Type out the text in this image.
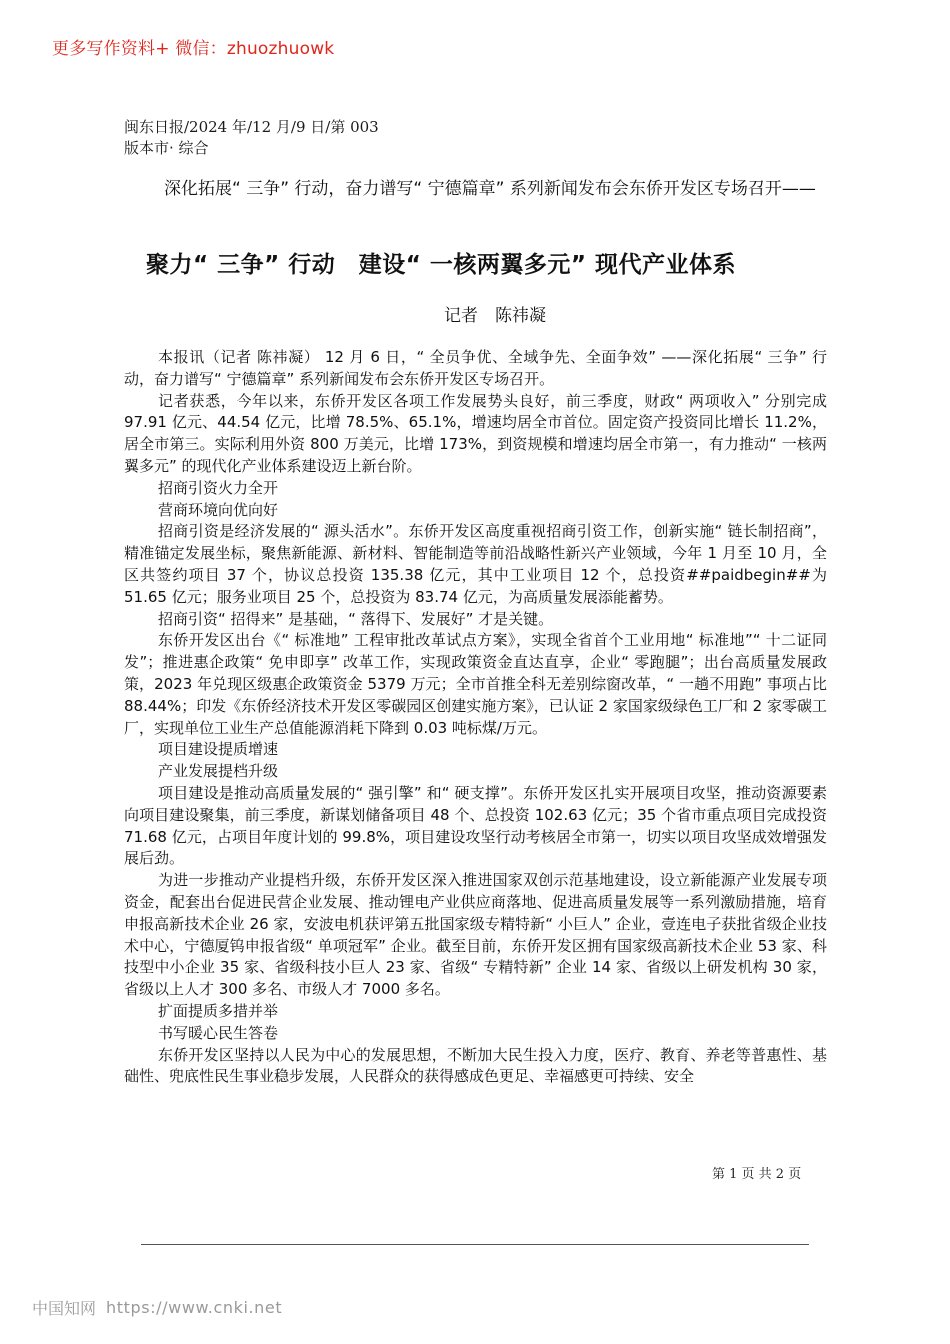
更多写作资料+ 微信：zhuozhuowk
闽东日报/2024 年/12 月/9 日/第 003
版本市· 综合
深化拓展“ 三争” 行动，奋力谱写“ 宁德篇章” 系列新闻发布会东侨开发区专场召开——
聚力“ 三争” 行动　建设“ 一核两翼多元” 现代产业体系
记者　陈祎凝

本报讯（记者 陈祎凝） 12 月 6 日，“ 全员争优、全域争先、全面争效” ——深化拓展“ 三争” 行动，奋力谱写“ 宁德篇章” 系列新闻发布会东侨开发区专场召开。

记者获悉，今年以来，东侨开发区各项工作发展势头良好，前三季度，财政“ 两项收入” 分别完成 97.91 亿元、44.54 亿元，比增 78.5%、65.1%，增速均居全市首位。固定资产投资同比增长 11.2%，居全市第三。实际利用外资 800 万美元，比增 173%，到资规模和增速均居全市第一，有力推动“ 一核两翼多元” 的现代化产业体系建设迈上新台阶。

招商引资火力全开

营商环境向优向好

招商引资是经济发展的“ 源头活水”。东侨开发区高度重视招商引资工作，创新实施“ 链长制招商”，精准锚定发展坐标，聚焦新能源、新材料、智能制造等前沿战略性新兴产业领域，今年 1 月至 10 月，全区共签约项目 37 个，协议总投资 135.38 亿元，其中工业项目 12 个，总投资##paidbegin##为 51.65 亿元；服务业项目 25 个，总投资为 83.74 亿元，为高质量发展添能蓄势。

招商引资“ 招得来” 是基础，“ 落得下、发展好” 才是关键。

东侨开发区出台《“ 标准地” 工程审批改革试点方案》，实现全省首个工业用地“ 标准地”“ 十二证同发”；推进惠企政策“ 免申即享” 改革工作，实现政策资金直达直享，企业“ 零跑腿”；出台高质量发展政策，2023 年兑现区级惠企政策资金 5379 万元；全市首推全科无差别综窗改革，“ 一趟不用跑” 事项占比 88.44%；印发《东侨经济技术开发区零碳园区创建实施方案》，已认证 2 家国家级绿色工厂和 2 家零碳工厂，实现单位工业生产总值能源消耗下降到 0.03 吨标煤/万元。

项目建设提质增速

产业发展提档升级

项目建设是推动高质量发展的“ 强引擎” 和“ 硬支撑”。东侨开发区扎实开展项目攻坚，推动资源要素向项目建设聚集，前三季度，新谋划储备项目 48 个、总投资 102.63 亿元；35 个省市重点项目完成投资 71.68 亿元，占项目年度计划的 99.8%，项目建设攻坚行动考核居全市第一，切实以项目攻坚成效增强发展后劲。

为进一步推动产业提档升级，东侨开发区深入推进国家双创示范基地建设，设立新能源产业发展专项资金，配套出台促进民营企业发展、推动锂电产业供应商落地、促进高质量发展等一系列激励措施，培育申报高新技术企业 26 家，安波电机获评第五批国家级专精特新“ 小巨人” 企业，壹连电子获批省级企业技术中心，宁德厦钨申报省级“ 单项冠军” 企业。截至目前，东侨开发区拥有国家级高新技术企业 53 家、科技型中小企业 35 家、省级科技小巨人 23 家、省级“ 专精特新” 企业 14 家、省级以上研发机构 30 家，省级以上人才 300 多名、市级人才 7000 多名。

扩面提质多措并举

书写暖心民生答卷

东侨开发区坚持以人民为中心的发展思想，不断加大民生投入力度，医疗、教育、养老等普惠性、基础性、兜底性民生事业稳步发展，人民群众的获得感成色更足、幸福感更可持续、安全

第 1 页 共 2 页
中国知网 https://www.cnki.net
